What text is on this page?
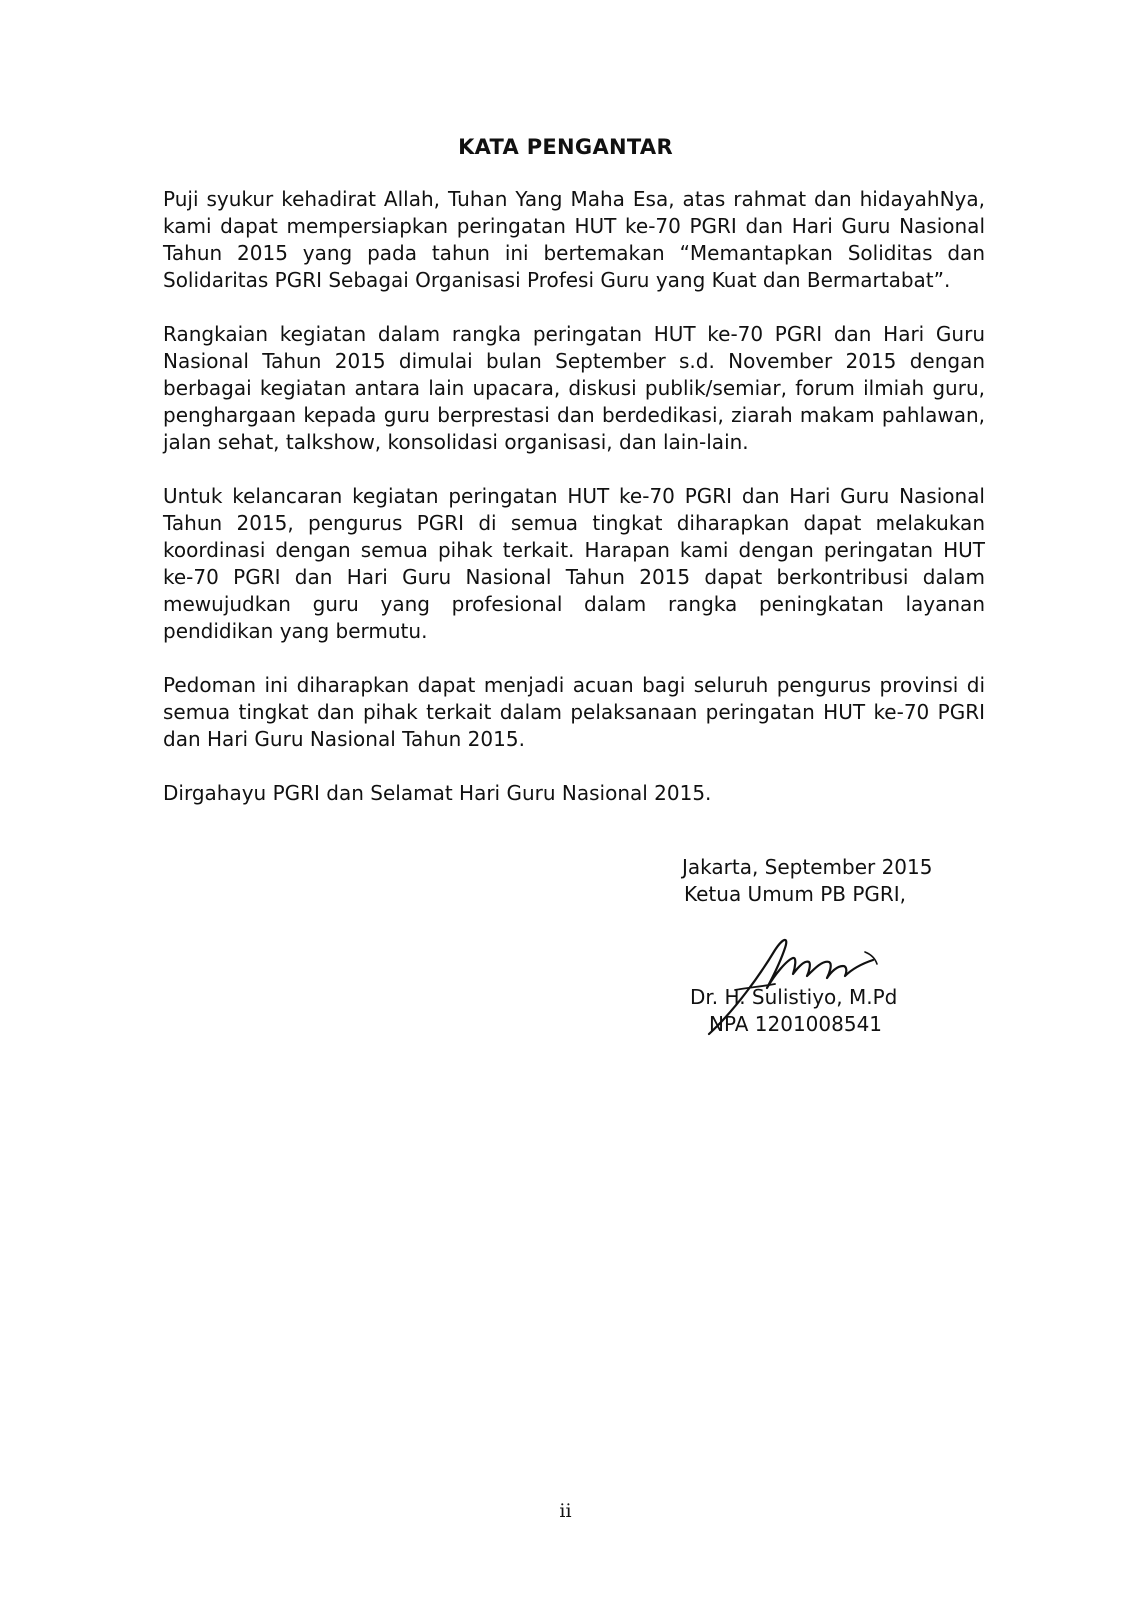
KATA PENGANTAR

Puji syukur kehadirat Allah, Tuhan Yang Maha Esa, atas rahmat dan hidayahNya, kami dapat mempersiapkan peringatan HUT ke-70 PGRI dan Hari Guru Nasional Tahun 2015 yang pada tahun ini bertemakan “Memantapkan Soliditas dan Solidaritas PGRI Sebagai Organisasi Profesi Guru yang Kuat dan Bermartabat”.

Rangkaian kegiatan dalam rangka peringatan HUT ke-70 PGRI dan Hari Guru Nasional Tahun 2015 dimulai bulan September s.d. November 2015 dengan berbagai kegiatan antara lain upacara, diskusi publik/semiar, forum ilmiah guru, penghargaan kepada guru berprestasi dan berdedikasi, ziarah makam pahlawan, jalan sehat, talkshow, konsolidasi organisasi, dan lain-lain.

Untuk kelancaran kegiatan peringatan HUT ke-70 PGRI dan Hari Guru Nasional Tahun 2015, pengurus PGRI di semua tingkat diharapkan dapat melakukan koordinasi dengan semua pihak terkait. Harapan kami dengan peringatan HUT ke-70 PGRI dan Hari Guru Nasional Tahun 2015 dapat berkontribusi dalam mewujudkan guru yang profesional dalam rangka peningkatan layanan pendidikan yang bermutu.

Pedoman ini diharapkan dapat menjadi acuan bagi seluruh pengurus provinsi di semua tingkat dan pihak terkait dalam pelaksanaan peringatan HUT ke-70 PGRI dan Hari Guru Nasional Tahun 2015.

Dirgahayu PGRI dan Selamat Hari Guru Nasional 2015.

Jakarta, September 2015
Ketua Umum PB PGRI,
Dr. H. Sulistiyo, M.Pd
NPA 1201008541
ii
